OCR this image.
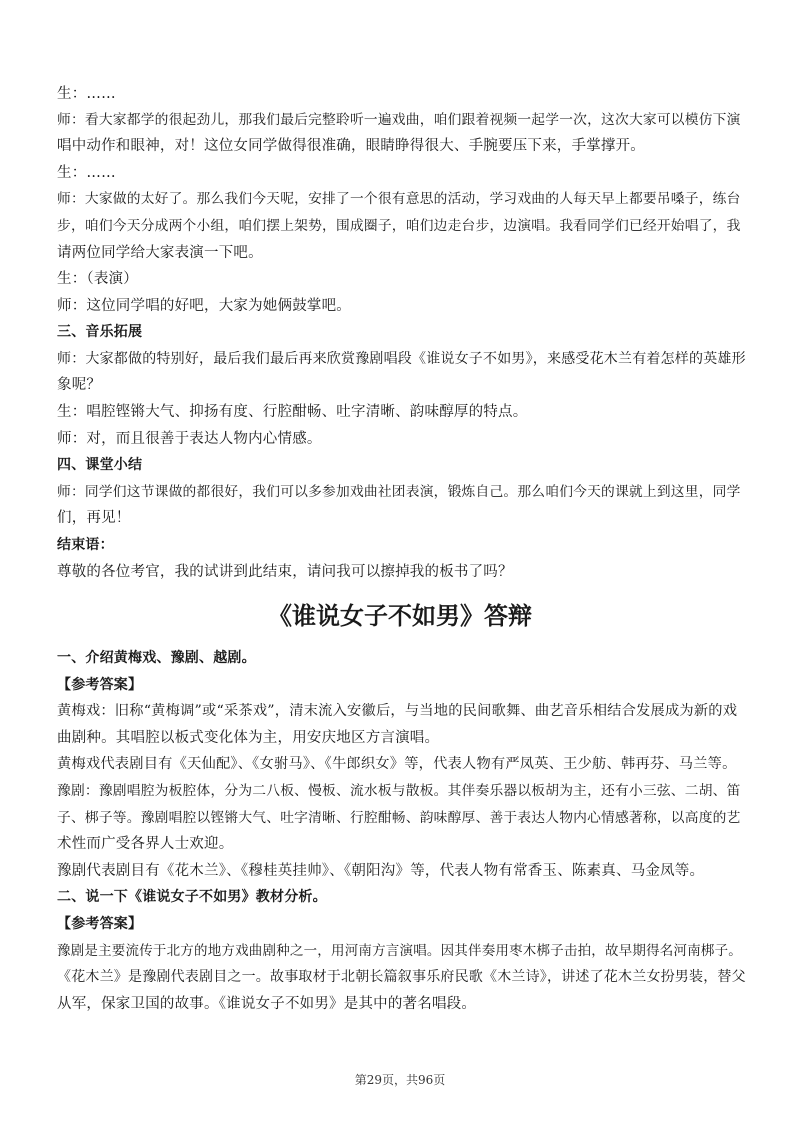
生：……
师：看大家都学的很起劲儿，那我们最后完整聆听一遍戏曲，咱们跟着视频一起学一次，这次大家可以模仿下演
唱中动作和眼神，对！这位女同学做得很准确，眼睛睁得很大、手腕要压下来，手掌撑开。
生：……
师：大家做的太好了。那么我们今天呢，安排了一个很有意思的活动，学习戏曲的人每天早上都要吊嗓子，练台
步，咱们今天分成两个小组，咱们摆上架势，围成圈子，咱们边走台步，边演唱。我看同学们已经开始唱了，我
请两位同学给大家表演一下吧。
生：（表演）
师：这位同学唱的好吧，大家为她俩鼓掌吧。
三、音乐拓展
师：大家都做的特别好，最后我们最后再来欣赏豫剧唱段《谁说女子不如男》，来感受花木兰有着怎样的英雄形
象呢？
生：唱腔铿锵大气、抑扬有度、行腔酣畅、吐字清晰、韵味醇厚的特点。
师：对，而且很善于表达人物内心情感。
四、课堂小结
师：同学们这节课做的都很好，我们可以多参加戏曲社团表演，锻炼自己。那么咱们今天的课就上到这里，同学
们，再见！
结束语：
尊敬的各位考官，我的试讲到此结束，请问我可以擦掉我的板书了吗？
《谁说女子不如男》答辩
一、介绍黄梅戏、豫剧、越剧。
【参考答案】
黄梅戏：旧称“黄梅调”或“采茶戏”，清末流入安徽后，与当地的民间歌舞、曲艺音乐相结合发展成为新的戏
曲剧种。其唱腔以板式变化体为主，用安庆地区方言演唱。
黄梅戏代表剧目有《天仙配》、《女驸马》、《牛郎织女》等，代表人物有严凤英、王少舫、韩再芬、马兰等。
豫剧：豫剧唱腔为板腔体，分为二八板、慢板、流水板与散板。其伴奏乐器以板胡为主，还有小三弦、二胡、笛
子、梆子等。豫剧唱腔以铿锵大气、吐字清晰、行腔酣畅、韵味醇厚、善于表达人物内心情感著称，以高度的艺
术性而广受各界人士欢迎。
豫剧代表剧目有《花木兰》、《穆桂英挂帅》、《朝阳沟》等，代表人物有常香玉、陈素真、马金凤等。
二、说一下《谁说女子不如男》教材分析。
【参考答案】
豫剧是主要流传于北方的地方戏曲剧种之一，用河南方言演唱。因其伴奏用枣木梆子击拍，故早期得名河南梆子。
《花木兰》是豫剧代表剧目之一。故事取材于北朝长篇叙事乐府民歌《木兰诗》，讲述了花木兰女扮男装，替父
从军，保家卫国的故事。《谁说女子不如男》是其中的著名唱段。
第29页，共96页
